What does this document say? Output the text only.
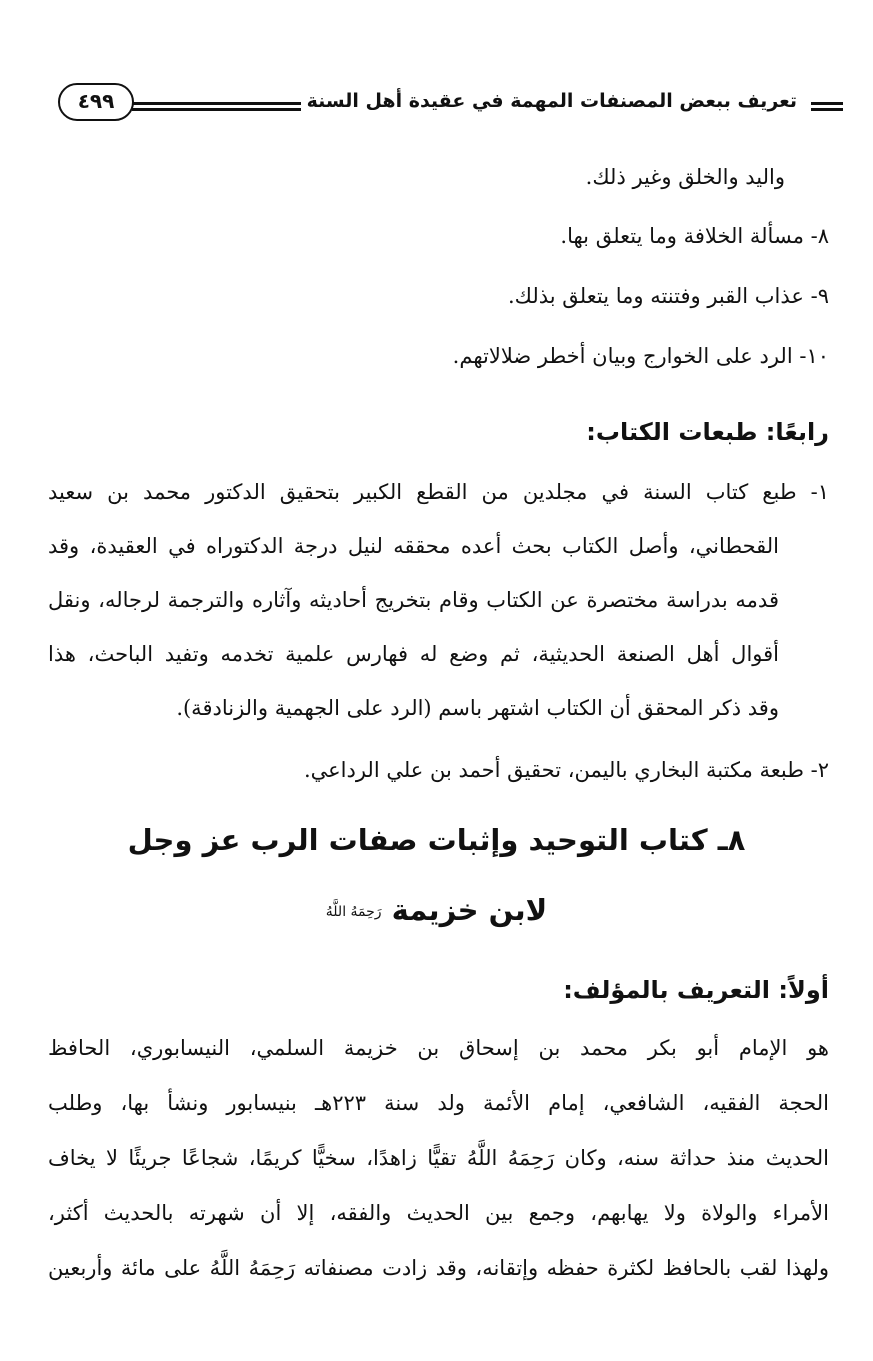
تعريف ببعض المصنفات المهمة في عقيدة أهل السنة
٤٩٩
واليد والخلق وغير ذلك.
٨- مسألة الخلافة وما يتعلق بها.
٩- عذاب القبر وفتنته وما يتعلق بذلك.
١٠- الرد على الخوارج وبيان أخطر ضلالاتهم.
رابعًا: طبعات الكتاب:
١- طبع كتاب السنة في مجلدين من القطع الكبير بتحقيق الدكتور محمد بن سعيد
القحطاني، وأصل الكتاب بحث أعده محققه لنيل درجة الدكتوراه في العقيدة، وقد
قدمه بدراسة مختصرة عن الكتاب وقام بتخريج أحاديثه وآثاره والترجمة لرجاله، ونقل
أقوال أهل الصنعة الحديثية، ثم وضع له فهارس علمية تخدمه وتفيد الباحث، هذا
وقد ذكر المحقق أن الكتاب اشتهر باسم (الرد على الجهمية والزنادقة).
٢- طبعة مكتبة البخاري باليمن، تحقيق أحمد بن علي الرداعي.
٨ـ كتاب التوحيد وإثبات صفات الرب عز وجل
لابن خزيمة رَحِمَهُ اللَّهُ
أولاً: التعريف بالمؤلف:
هو الإمام أبو بكر محمد بن إسحاق بن خزيمة السلمي، النيسابوري، الحافظ
الحجة الفقيه، الشافعي، إمام الأئمة ولد سنة ٢٢٣هـ بنيسابور ونشأ بها، وطلب
الحديث منذ حداثة سنه، وكان رَحِمَهُ اللَّهُ تقيًّا زاهدًا، سخيًّا كريمًا، شجاعًا جريئًا لا يخاف
الأمراء والولاة ولا يهابهم، وجمع بين الحديث والفقه، إلا أن شهرته بالحديث أكثر،
ولهذا لقب بالحافظ لكثرة حفظه وإتقانه، وقد زادت مصنفاته رَحِمَهُ اللَّهُ على مائة وأربعين
